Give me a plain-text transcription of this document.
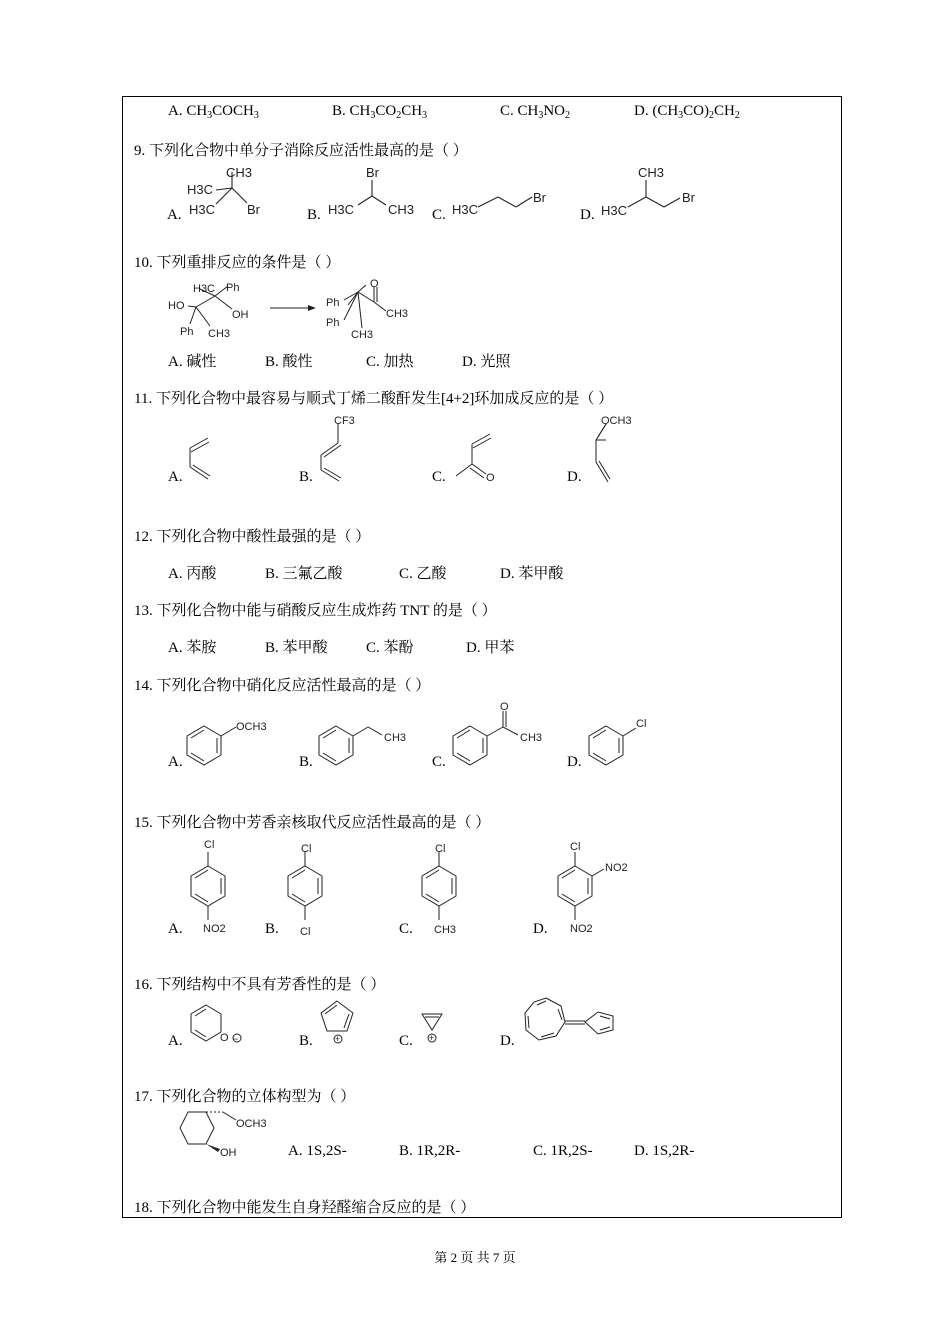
A. $CH_3COCH_3$	B. $CH_3CO_2CH_3$	C. $CH_3NO_2$	D. $(CH_3CO)_2CH_2$
9. 下列化合物中单分子消除反应活性最高的是（ ）
A.	B.	C.	D.
CH3
H3C
H3C Br
Br
H3C	CH3	H3C
Br
CH3
H3C
Br
10. 下列重排反应的条件是（ ）
H3C Ph
HO
OH
Ph CH3
Ph
Ph
O
CH3
CH3
A. 碱性	B. 酸性	C. 加热	D. 光照
11. 下列化合物中最容易与顺式丁烯二酸酐发生[4+2]环加成反应的是（ ）
A.	B.	C.	D.
CF3
O
OCH3
12. 下列化合物中酸性最强的是（ ）
A. 丙酸	B. 三氟乙酸	C. 乙酸	D. 苯甲酸
13. 下列化合物中能与硝酸反应生成炸药 TNT 的是（ ）
A. 苯胺	B. 苯甲酸	C. 苯酚	D. 甲苯
14. 下列化合物中硝化反应活性最高的是（ ）
A.	B.	C.	D.
OCH3
CH3
O
CH3
Cl
15. 下列化合物中芳香亲核取代反应活性最高的是（ ）
A.	B.	C.	D.
Cl
NO2
Cl
Cl
Cl
CH3
Cl
NO2
NO2
16. 下列结构中不具有芳香性的是（ ）
A.	B.	C.	D.
O −	+	+
17. 下列化合物的立体构型为（ ）
OCH3
OH	A. 1S,2S-	B. 1R,2R-	C. 1R,2S-	D. 1S,2R-
18. 下列化合物中能发生自身羟醛缩合反应的是（ ）
第 2 页 共 7 页
